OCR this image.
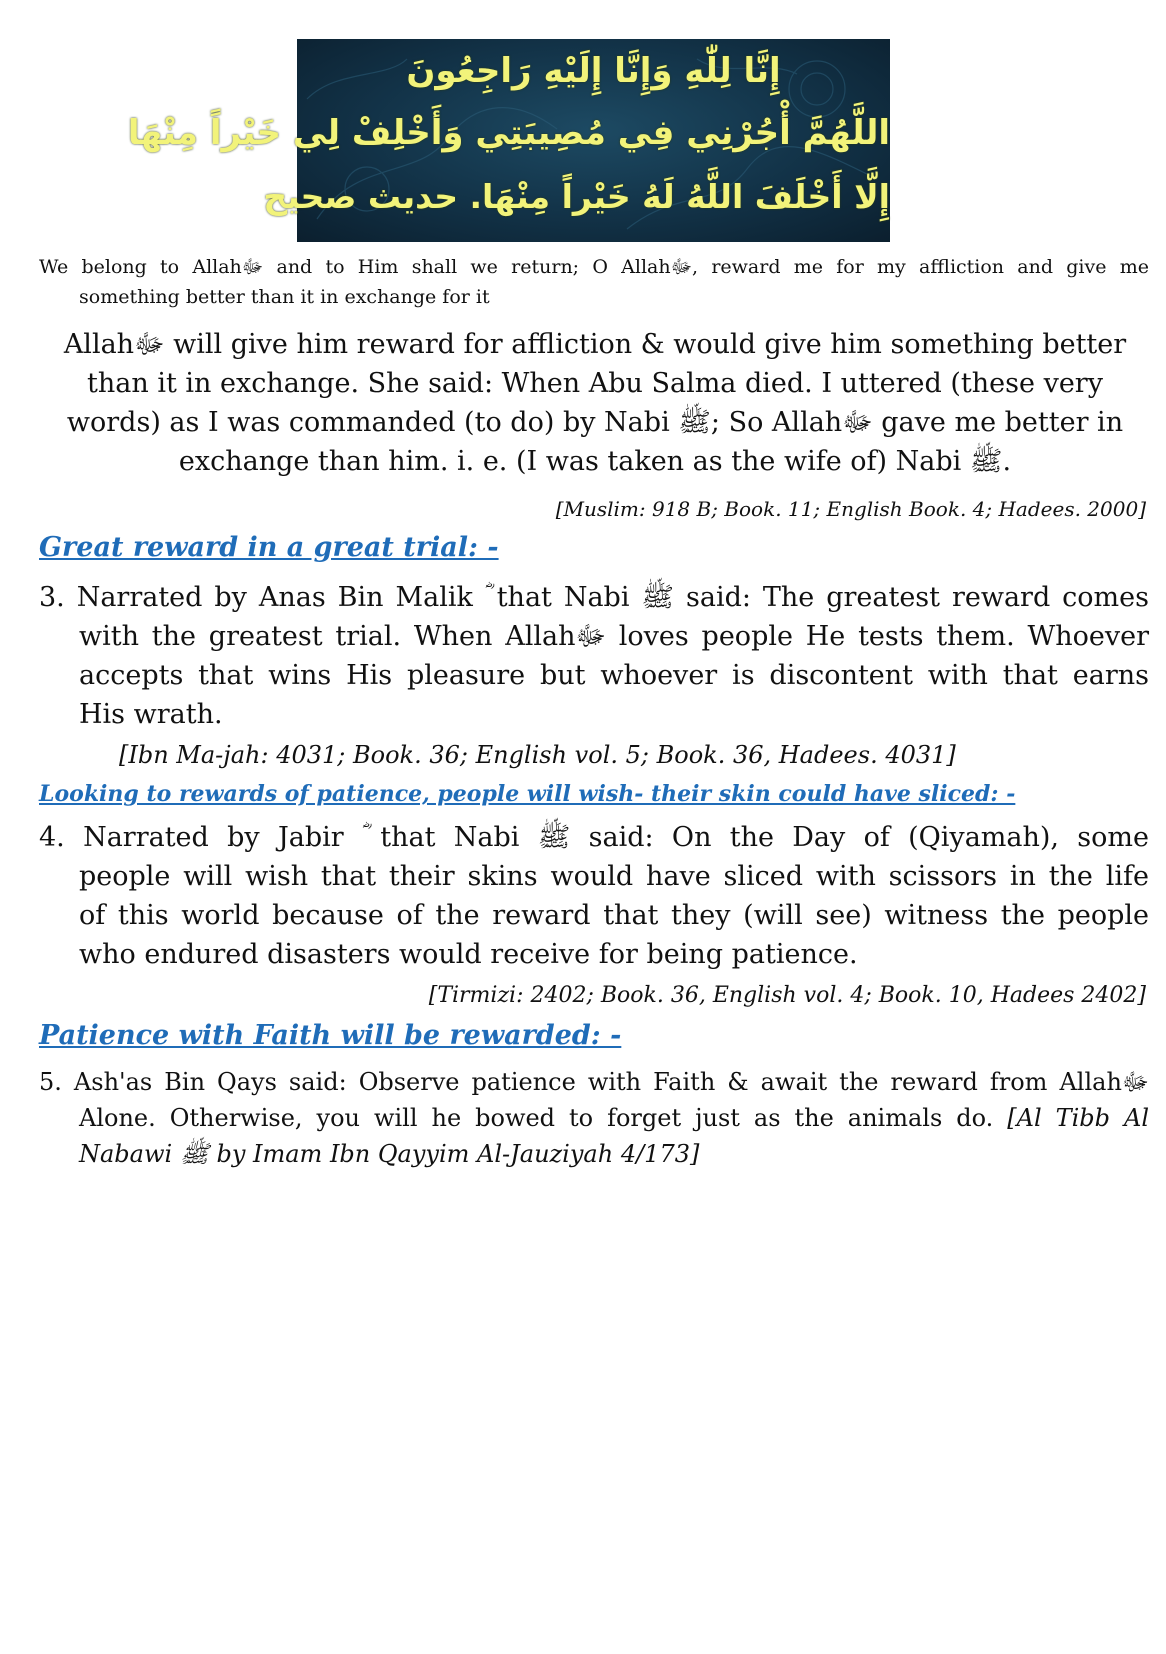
إِنَّا لِلّٰهِ وَإِنَّا إِلَيْهِ رَاجِعُونَ
اللَّهُمَّ أْجُرْنِي فِي مُصِيبَتِي وَأَخْلِفْ لِي خَيْراً مِنْهَا
إِلَّا أَخْلَفَ اللَّهُ لَهُ خَيْراً مِنْهَا. حديث صحيح
We belong to Allahﷻ and to Him shall we return; O Allahﷻ, reward me for my affliction and give me
something better than it in exchange for it
Allahﷻ will give him reward for affliction & would give him something better
than it in exchange. She said: When Abu Salma died. I uttered (these very
words) as I was commanded (to do) by Nabi ﷺ; So Allahﷻ gave me better in
exchange than him. i. e. (I was taken as the wife of) Nabi ﷺ.
[Muslim: 918 B; Book. 11; English Book. 4; Hadees. 2000]
Great reward in a great trial: -
3. Narrated by Anas Bin Malik ؓ that Nabi ﷺ said: The greatest reward comes
with the greatest trial. When Allahﷻ loves people He tests them. Whoever
accepts that wins His pleasure but whoever is discontent with that earns
His wrath.
[Ibn Ma-jah: 4031; Book. 36; English vol. 5; Book. 36, Hadees. 4031]
Looking to rewards of patience, people will wish- their skin could have sliced: -
4. Narrated by Jabir ؓ that Nabi ﷺ said: On the Day of (Qiyamah), some
people will wish that their skins would have sliced with scissors in the life
of this world because of the reward that they (will see) witness the people
who endured disasters would receive for being patience.
[Tirmizi: 2402; Book. 36, English vol. 4; Book. 10, Hadees 2402]
Patience with Faith will be rewarded: -
5. Ash'as Bin Qays said: Observe patience with Faith & await the reward from Allahﷻ
Alone. Otherwise, you will he bowed to forget just as the animals do. [Al Tibb Al
Nabawi ﷺ by Imam Ibn Qayyim Al-Jauziyah 4/173]
